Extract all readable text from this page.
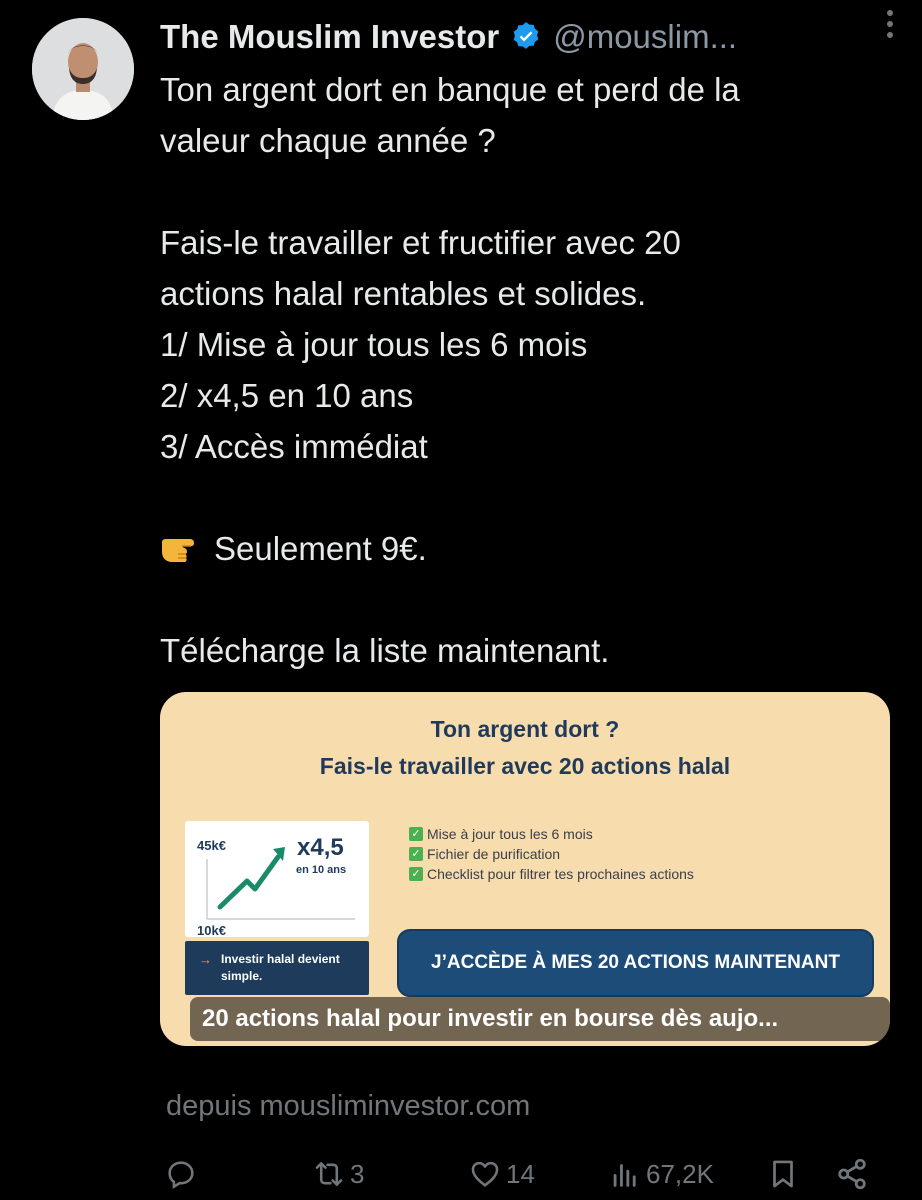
The Mouslim Investor @mouslim...
Ton argent dort en banque et perd de la
valeur chaque année ?
Fais-le travailler et fructifier avec 20
actions halal rentables et solides.
1/ Mise à jour tous les 6 mois
2/ x4,5 en 10 ans
3/ Accès immédiat
Seulement 9€.
Télécharge la liste maintenant.
Ton argent dort ?
Fais-le travailler avec 20 actions halal
45k€
10k€
x4,5
en 10 ans
→ Investir halal devient simple.
✓ Mise à jour tous les 6 mois
✓ Fichier de purification
✓ Checklist pour filtrer tes prochaines actions
J’ACCÈDE À MES 20 ACTIONS MAINTENANT
20 actions halal pour investir en bourse dès aujo...
depuis mousliminvestor.com
3	14	67,2K
